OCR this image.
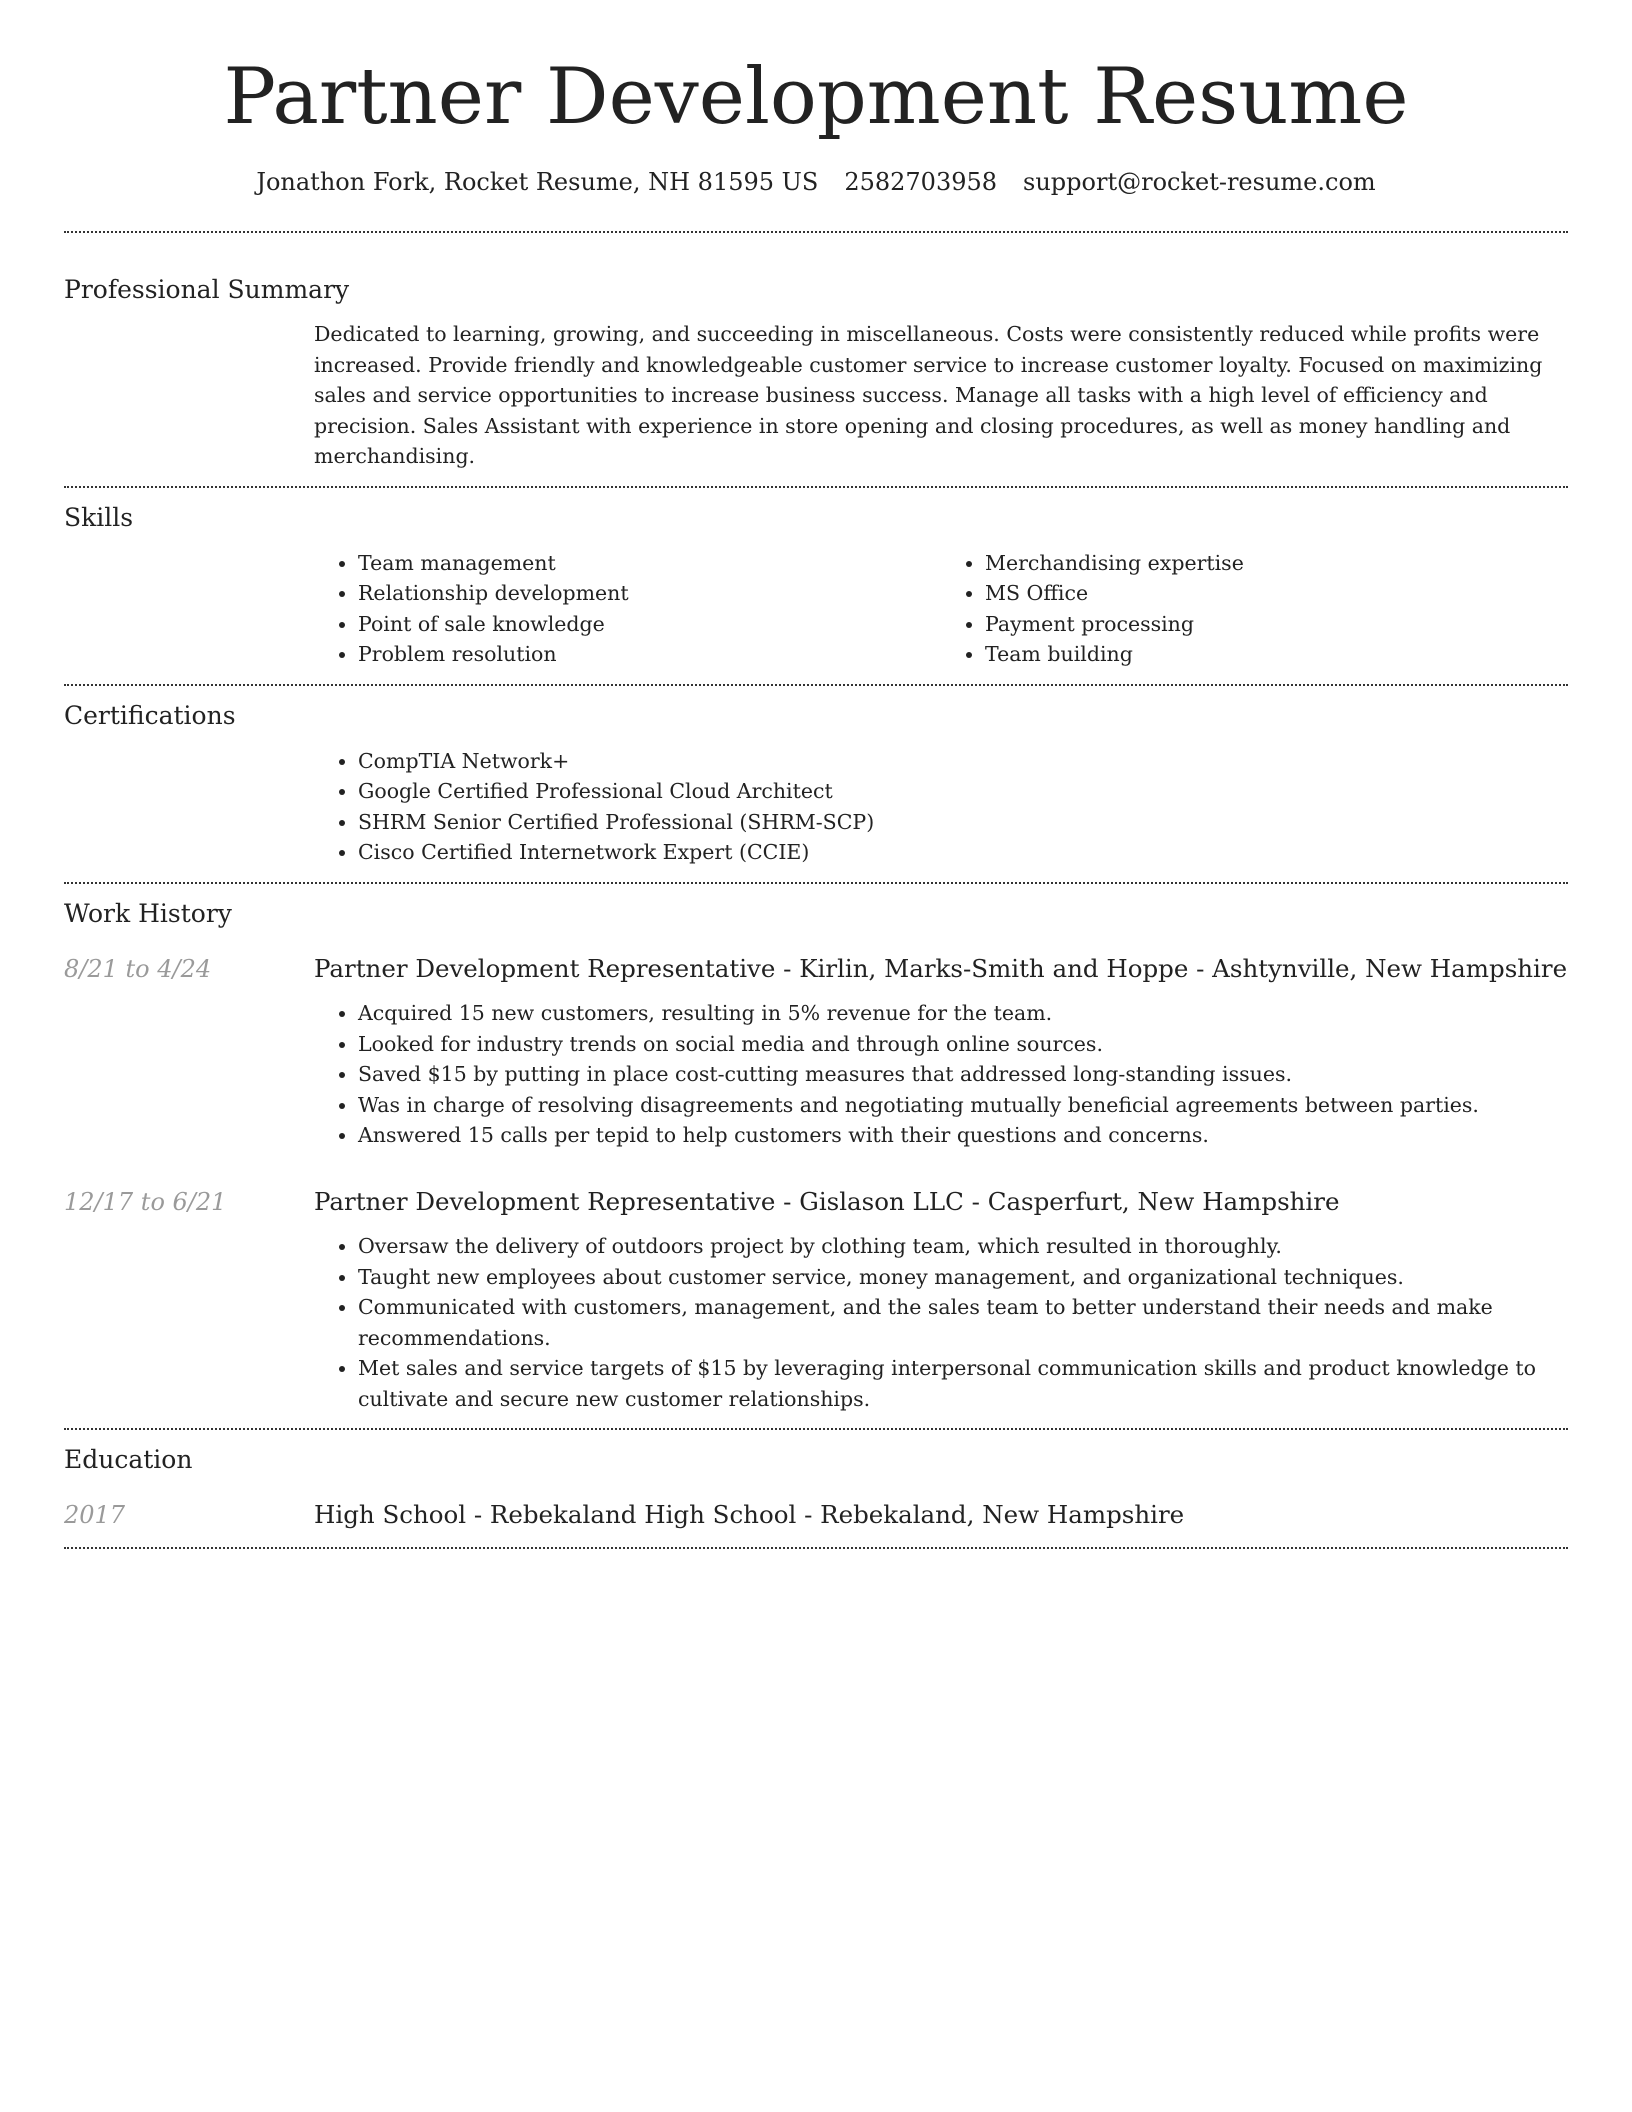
Partner Development Resume
Jonathon Fork, Rocket Resume, NH 81595 US 2582703958 support@rocket-resume.com
Professional Summary
Dedicated to learning, growing, and succeeding in miscellaneous. Costs were consistently reduced while profits were increased. Provide friendly and knowledgeable customer service to increase customer loyalty. Focused on maximizing sales and service opportunities to increase business success. Manage all tasks with a high level of efficiency and precision. Sales Assistant with experience in store opening and closing procedures, as well as money handling and merchandising.
Skills
• Team management
• Relationship development
• Point of sale knowledge
• Problem resolution
• Merchandising expertise
• MS Office
• Payment processing
• Team building
Certifications
• CompTIA Network+
• Google Certified Professional Cloud Architect
• SHRM Senior Certified Professional (SHRM-SCP)
• Cisco Certified Internetwork Expert (CCIE)
Work History
8/21 to 4/24	Partner Development Representative - Kirlin, Marks-Smith and Hoppe - Ashtynville, New Hampshire
• Acquired 15 new customers, resulting in 5% revenue for the team.
• Looked for industry trends on social media and through online sources.
• Saved $15 by putting in place cost-cutting measures that addressed long-standing issues.
• Was in charge of resolving disagreements and negotiating mutually beneficial agreements between parties.
• Answered 15 calls per tepid to help customers with their questions and concerns.
12/17 to 6/21	Partner Development Representative - Gislason LLC - Casperfurt, New Hampshire
• Oversaw the delivery of outdoors project by clothing team, which resulted in thoroughly.
• Taught new employees about customer service, money management, and organizational techniques.
• Communicated with customers, management, and the sales team to better understand their needs and make recommendations.
• Met sales and service targets of $15 by leveraging interpersonal communication skills and product knowledge to cultivate and secure new customer relationships.
Education
2017	High School - Rebekaland High School - Rebekaland, New Hampshire
